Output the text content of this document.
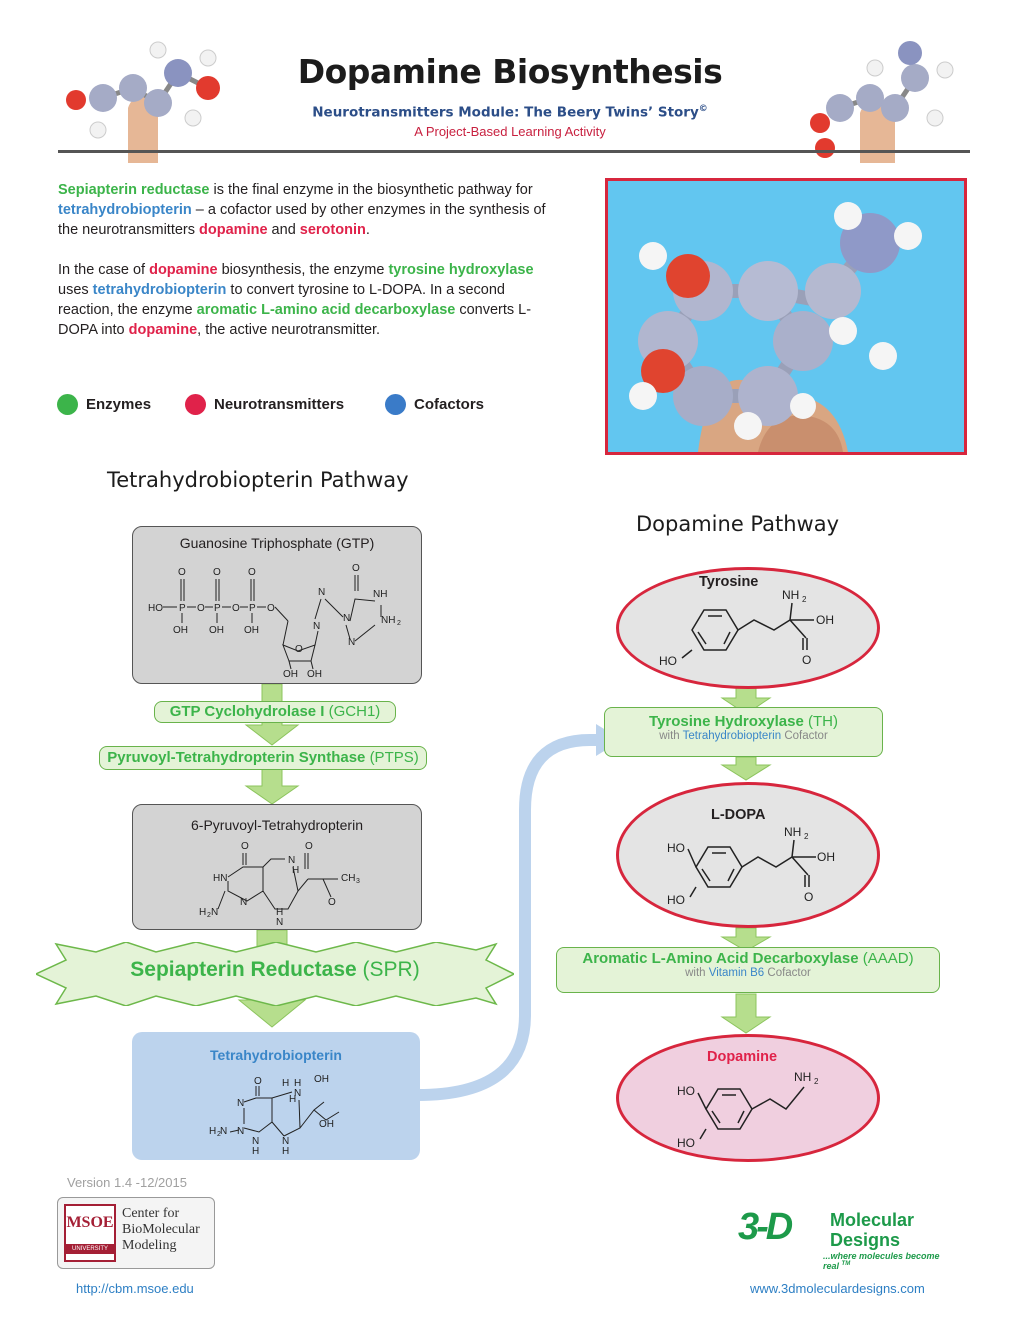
Dopamine Biosynthesis
Neurotransmitters Module: The Beery Twins’ Story©
A Project-Based Learning Activity
Sepiapterin reductase is the final enzyme in the biosynthetic pathway for tetrahydrobiopterin – a cofactor used by other enzymes in the synthesis of the neurotransmitters dopamine and serotonin.
In the case of dopamine biosynthesis, the enzyme tyrosine hydroxylase uses tetrahydrobiopterin to convert tyrosine to L-DOPA. In a second reaction, the enzyme aromatic L-amino acid decarboxylase converts L-DOPA into dopamine, the active neurotransmitter.
Enzymes	Neurotransmitters	Cofactors
Tetrahydrobiopterin Pathway
Dopamine Pathway
Guanosine Triphosphate (GTP)
O	O	O
HO P O P O P O
OH OH OH
O
N	NH
N
N	NH 2
N
O
OH OH
GTP Cyclohydrolase I (GCH1)
Pyruvoyl-Tetrahydropterin Synthase (PTPS)
6-Pyruvoyl-Tetrahydropterin
O	O
N
H
HN	CH 3
N	O
H 2 N
N
H
Sepiapterin Reductase (SPR)
Tetrahydrobiopterin
O H H OH
N
H
N
N
OH
H 2 N
N
H
N
H
Tyrosine
NH 2
OH
O
HO
Tyrosine Hydroxylase (TH)
with Tetrahydrobiopterin Cofactor
L-DOPA
NH 2
HO
OH
O
HO
Aromatic L-Amino Acid Decarboxylase (AAAD)
with Vitamin B6 Cofactor
Dopamine
NH 2
HO
HO
Version 1.4 -12/2015
MSOE
UNIVERSITY
Center for
BioMolecular
Modeling
http://cbm.msoe.edu
3-D Molecular
Designs
...where molecules become real ™
www.3dmoleculardesigns.com
